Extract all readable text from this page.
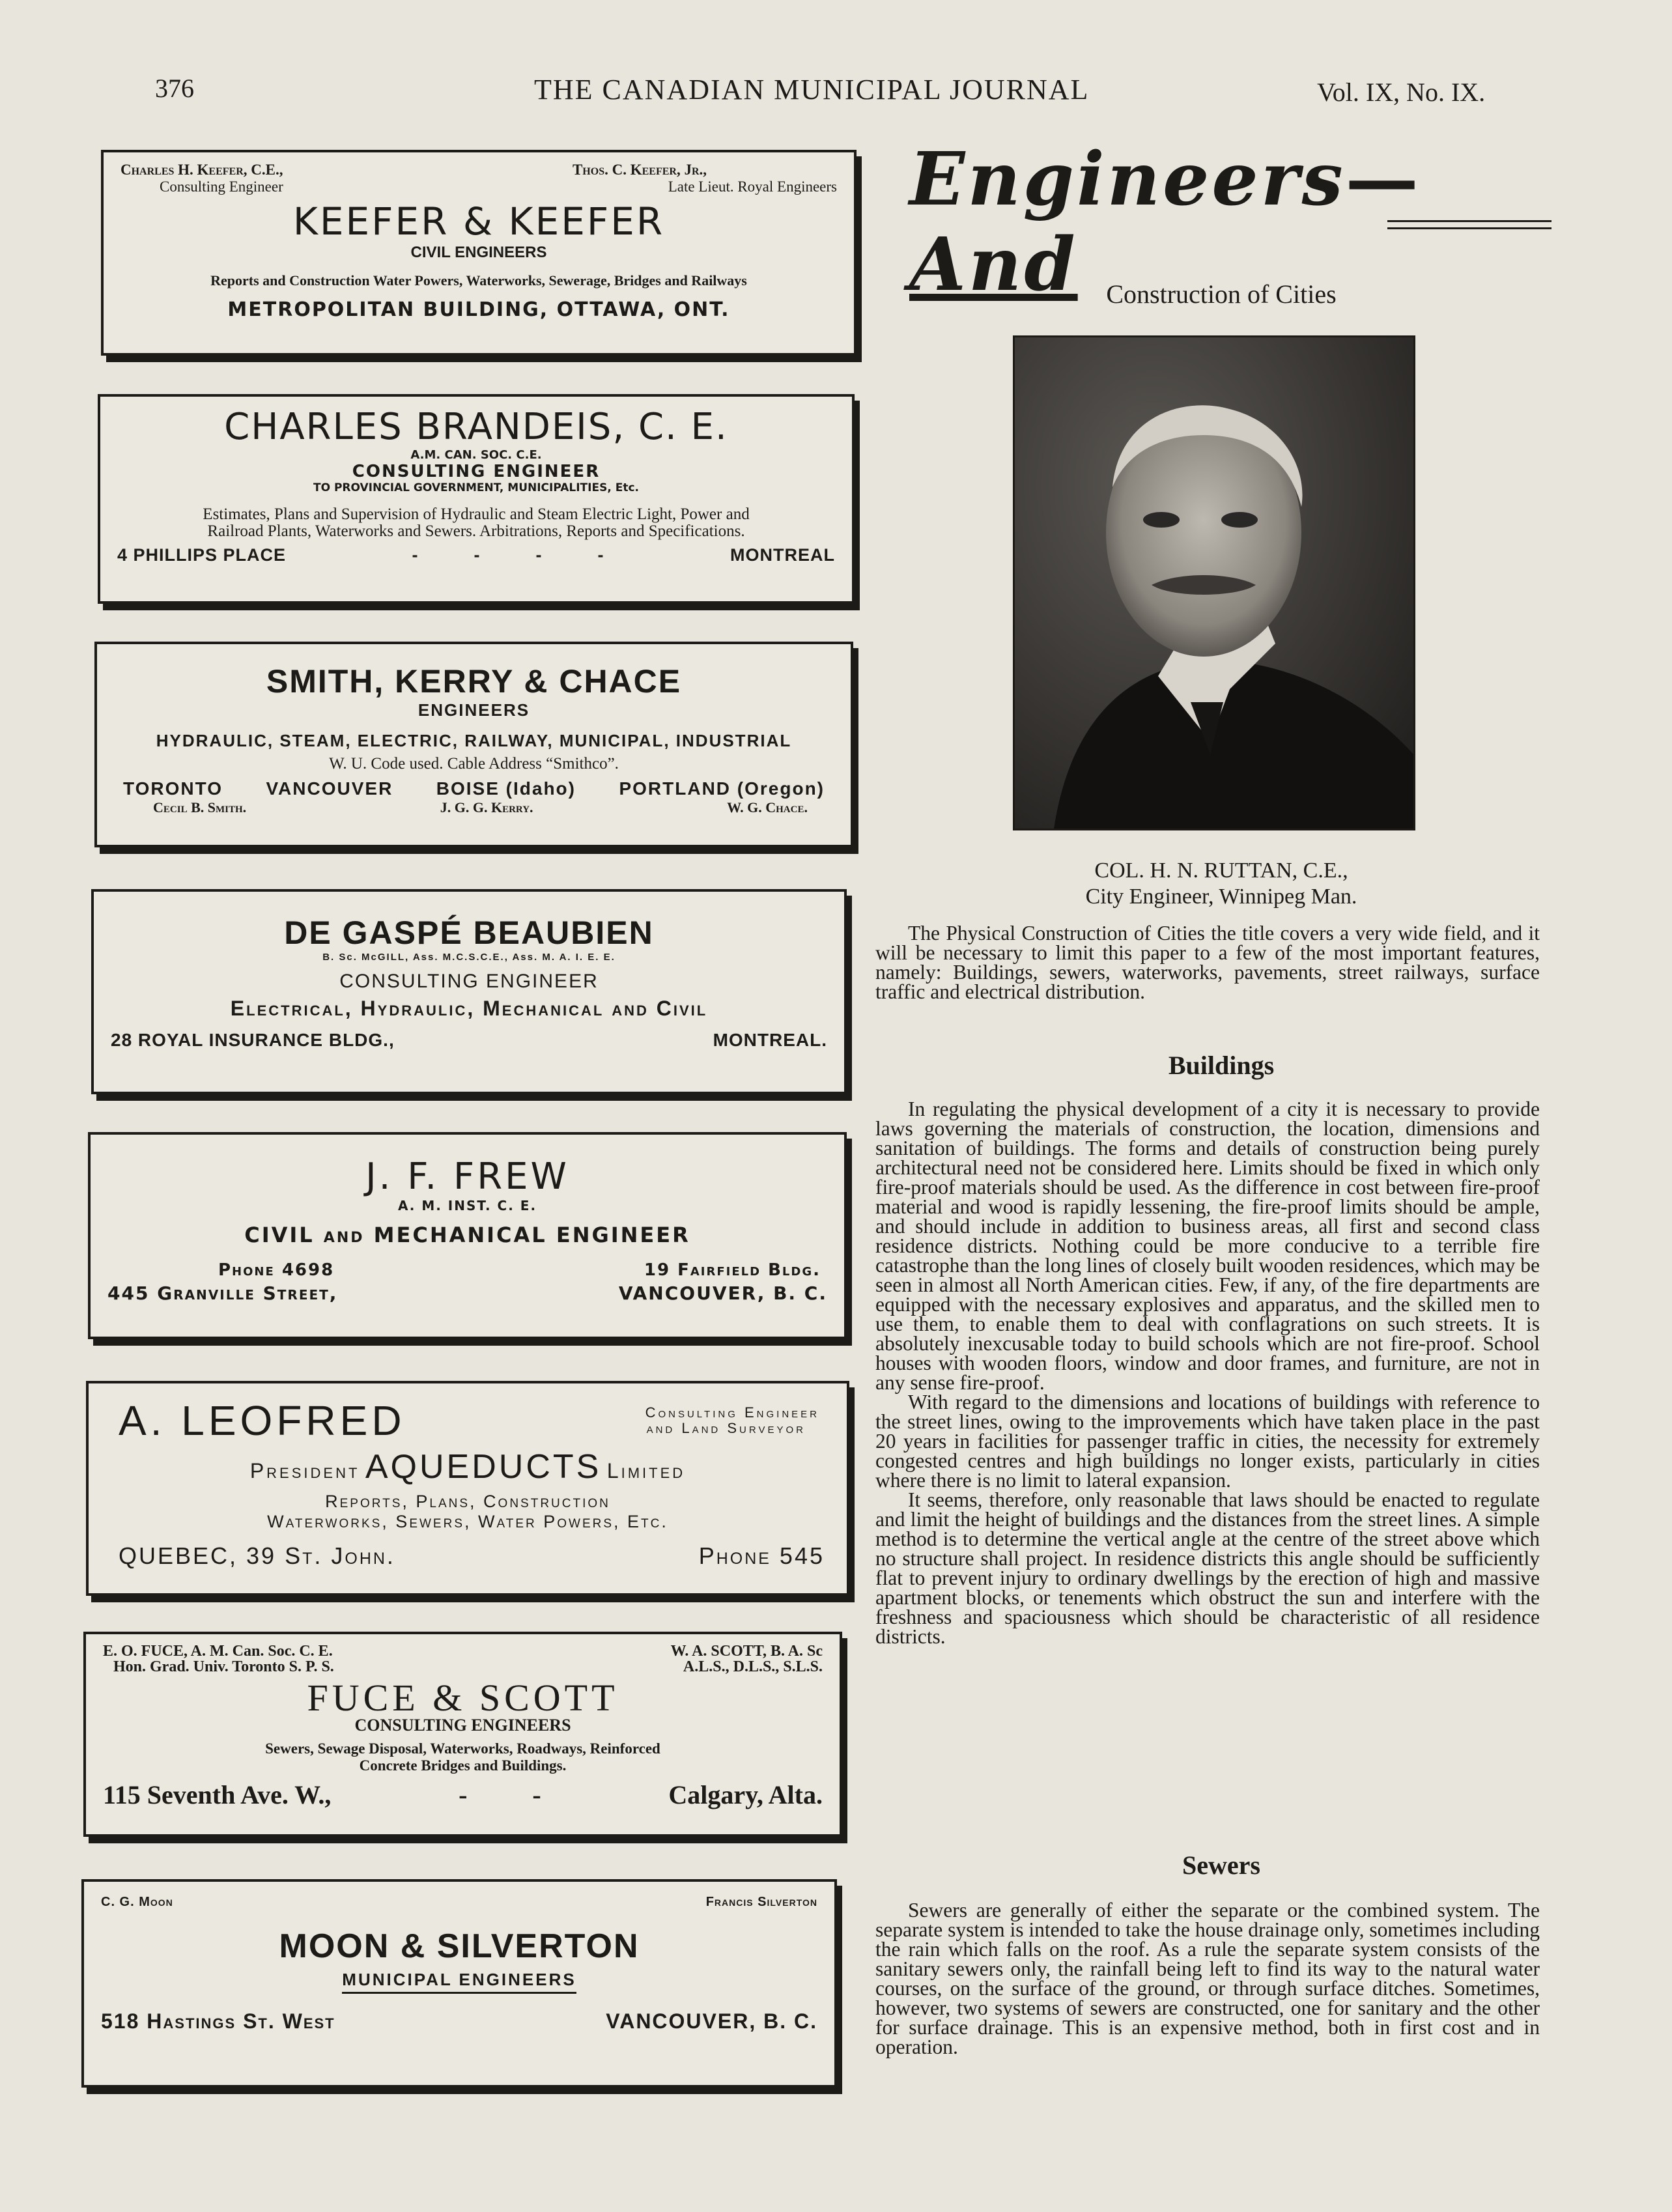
376	THE CANADIAN MUNICIPAL JOURNAL	Vol. IX, No. IX.
Charles H. Keefer, C.E.,
Consulting Engineer
Thos. C. Keefer, Jr.,
Late Lieut. Royal Engineers
KEEFER & KEEFER
CIVIL ENGINEERS
Reports and Construction Water Powers, Waterworks, Sewerage, Bridges and Railways
METROPOLITAN BUILDING, OTTAWA, ONT.
CHARLES BRANDEIS, C. E.
A.M. CAN. SOC. C.E.
CONSULTING ENGINEER
TO PROVINCIAL GOVERNMENT, MUNICIPALITIES, Etc.
Estimates, Plans and Supervision of Hydraulic and Steam Electric Light, Power and
Railroad Plants, Waterworks and Sewers. Arbitrations, Reports and Specifications.
4 PHILLIPS PLACE	-          -          -          -	MONTREAL
SMITH, KERRY & CHACE
ENGINEERS
HYDRAULIC, STEAM, ELECTRIC, RAILWAY, MUNICIPAL, INDUSTRIAL
W. U. Code used. Cable Address “Smithco”.
TORONTO VANCOUVER BOISE (Idaho) PORTLAND (Oregon)
Cecil B. Smith.	J. G. G. Kerry.	W. G. Chace.
DE GASPÉ BEAUBIEN
B. Sc. McGILL, Ass. M.C.S.C.E., Ass. M. A. I. E. E.
CONSULTING ENGINEER
Electrical, Hydraulic, Mechanical and Civil
28 ROYAL INSURANCE BLDG.,	MONTREAL.
J. F. FREW
A. M. INST. C. E.
CIVIL and MECHANICAL ENGINEER
Phone 4698	19 Fairfield Bldg.
445 Granville Street,	VANCOUVER, B. C.
A. LEOFRED	Consulting Engineer
and Land Surveyor
President AQUEDUCTS Limited
Reports, Plans, Construction
Waterworks, Sewers, Water Powers, Etc.
QUEBEC, 39 St. John.	Phone 545
E. O. FUCE, A. M. Can. Soc. C. E.
Hon. Grad. Univ. Toronto S. P. S.
W. A. SCOTT, B. A. Sc
A.L.S., D.L.S., S.L.S.
FUCE & SCOTT
CONSULTING ENGINEERS
Sewers, Sewage Disposal, Waterworks, Roadways, Reinforced
Concrete Bridges and Buildings.
115 Seventh Ave. W.,	-          -	Calgary, Alta.
C. G. Moon	Francis Silverton
MOON & SILVERTON
MUNICIPAL ENGINEERS
518 Hastings St. West	VANCOUVER, B. C.
Engineers—And	Construction of Cities
COL. H. N. RUTTAN, C.E.,
City Engineer, Winnipeg Man.

The Physical Construction of Cities the title covers a very wide field, and it will be necessary to limit this paper to a few of the most important features, namely: Buildings, sewers, waterworks, pavements, street railways, surface traffic and electrical distribution.

Buildings

In regulating the physical development of a city it is necessary to provide laws governing the materials of construction, the location, dimensions and sanitation of buildings. The forms and details of construction being purely architectural need not be considered here. Limits should be fixed in which only fire-proof materials should be used. As the difference in cost between fire-proof material and wood is rapidly lessening, the fire-proof limits should be ample, and should include in addition to business areas, all first and second class residence districts. Nothing could be more conducive to a terrible fire catastrophe than the long lines of closely built wooden residences, which may be seen in almost all North American cities. Few, if any, of the fire departments are equipped with the necessary explosives and apparatus, and the skilled men to use them, to enable them to deal with conflagrations on such streets. It is absolutely inexcusable today to build schools which are not fire-proof. School houses with wooden floors, window and door frames, and furniture, are not in any sense fire-proof.

With regard to the dimensions and locations of buildings with reference to the street lines, owing to the improvements which have taken place in the past 20 years in facilities for passenger traffic in cities, the necessity for extremely congested centres and high buildings no longer exists, particularly in cities where there is no limit to lateral expansion.

It seems, therefore, only reasonable that laws should be enacted to regulate and limit the height of buildings and the distances from the street lines. A simple method is to determine the vertical angle at the centre of the street above which no structure shall project. In residence districts this angle should be sufficiently flat to prevent injury to ordinary dwellings by the erection of high and massive apartment blocks, or tenements which obstruct the sun and interfere with the freshness and spaciousness which should be characteristic of all residence districts.

Sewers

Sewers are generally of either the separate or the combined system. The separate system is intended to take the house drainage only, sometimes including the rain which falls on the roof. As a rule the separate system consists of the sanitary sewers only, the rainfall being left to find its way to the natural water courses, on the surface of the ground, or through surface ditches. Sometimes, however, two systems of sewers are constructed, one for sanitary and the other for surface drainage. This is an expensive method, both in first cost and in operation.
